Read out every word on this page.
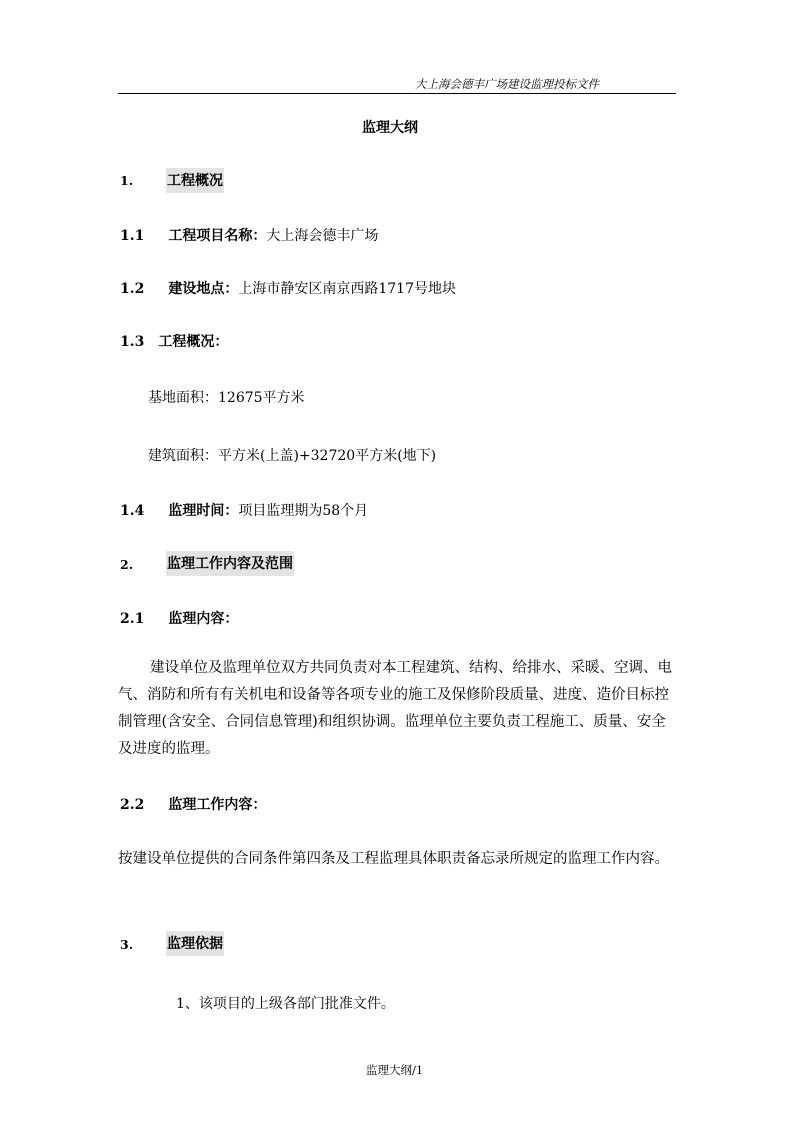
大上海会德丰广场建设监理投标文件
监理大纲
1. 工程概况
1.1 工程项目名称：大上海会德丰广场
1.2 建设地点：上海市静安区南京西路1717号地块
1.3 工程概况：
基地面积：12675平方米
建筑面积：平方米(上盖)+32720平方米(地下)
1.4 监理时间：项目监理期为58个月
2. 监理工作内容及范围
2.1 监理内容：
建设单位及监理单位双方共同负责对本工程建筑、结构、给排水、采暖、空调、电气、消防和所有有关机电和设备等各项专业的施工及保修阶段质量、进度、造价目标控制管理(含安全、合同信息管理)和组织协调。监理单位主要负责工程施工、质量、安全及进度的监理。
2.2 监理工作内容：
按建设单位提供的合同条件第四条及工程监理具体职责备忘录所规定的监理工作内容。
3. 监理依据
1、该项目的上级各部门批准文件。
监理大纲/1
